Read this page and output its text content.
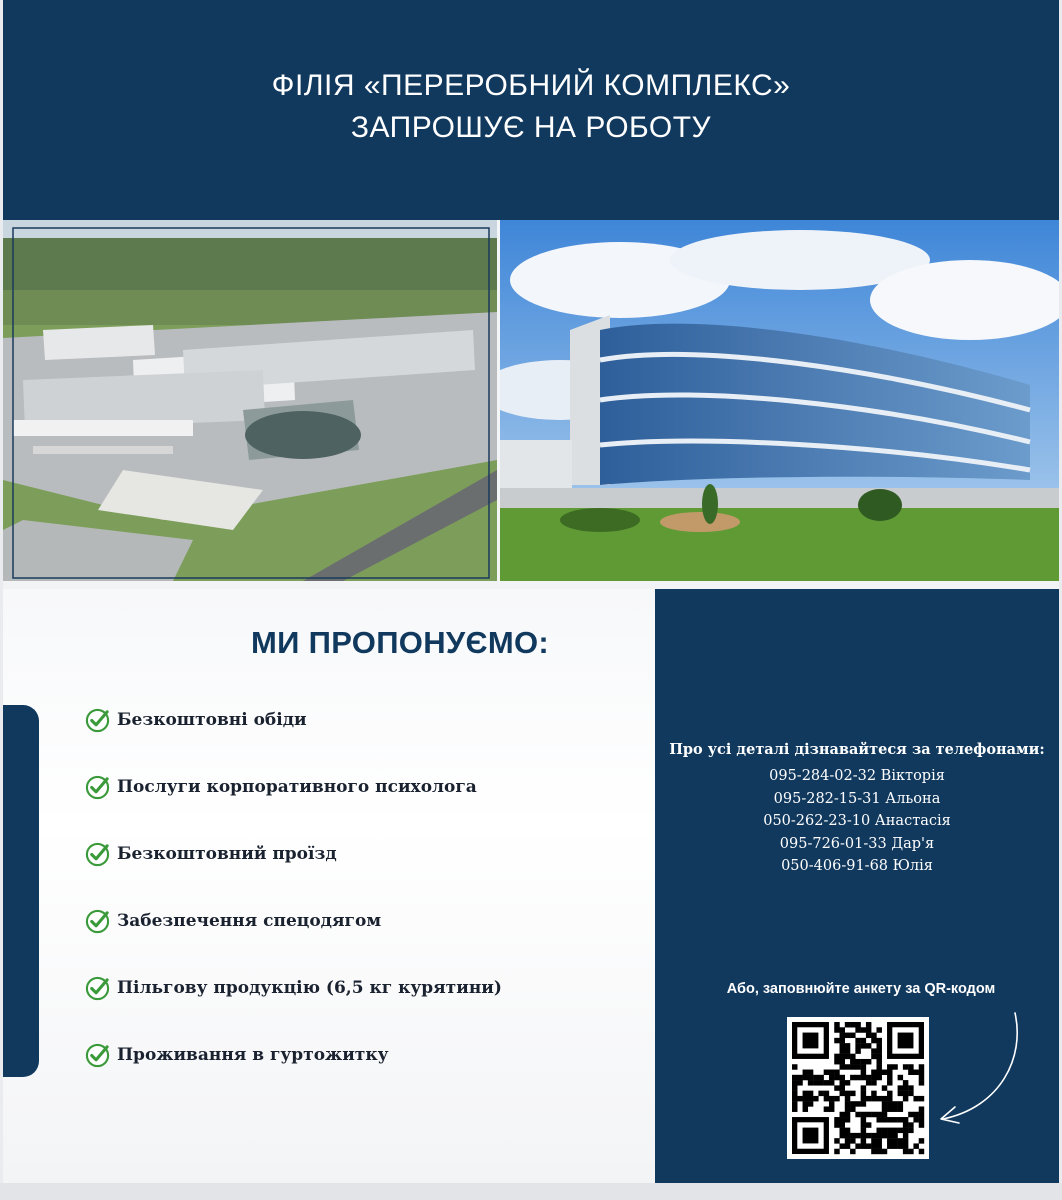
ФІЛІЯ «ПЕРЕРОБНИЙ КОМПЛЕКС»
ЗАПРОШУЄ НА РОБОТУ
МИ ПРОПОНУЄМО:
Безкоштовні обіди
Послуги корпоративного психолога
Безкоштовний проїзд
Забезпечення спецодягом
Пільгову продукцію (6,5 кг курятини)
Проживання в гуртожитку
Про усі деталі дізнавайтеся за телефонами:
095-284-02-32 Вікторія
095-282-15-31 Альона
050-262-23-10 Анастасія
095-726-01-33 Дар'я
050-406-91-68 Юлія
Або, заповнюйте анкету за QR-кодом
